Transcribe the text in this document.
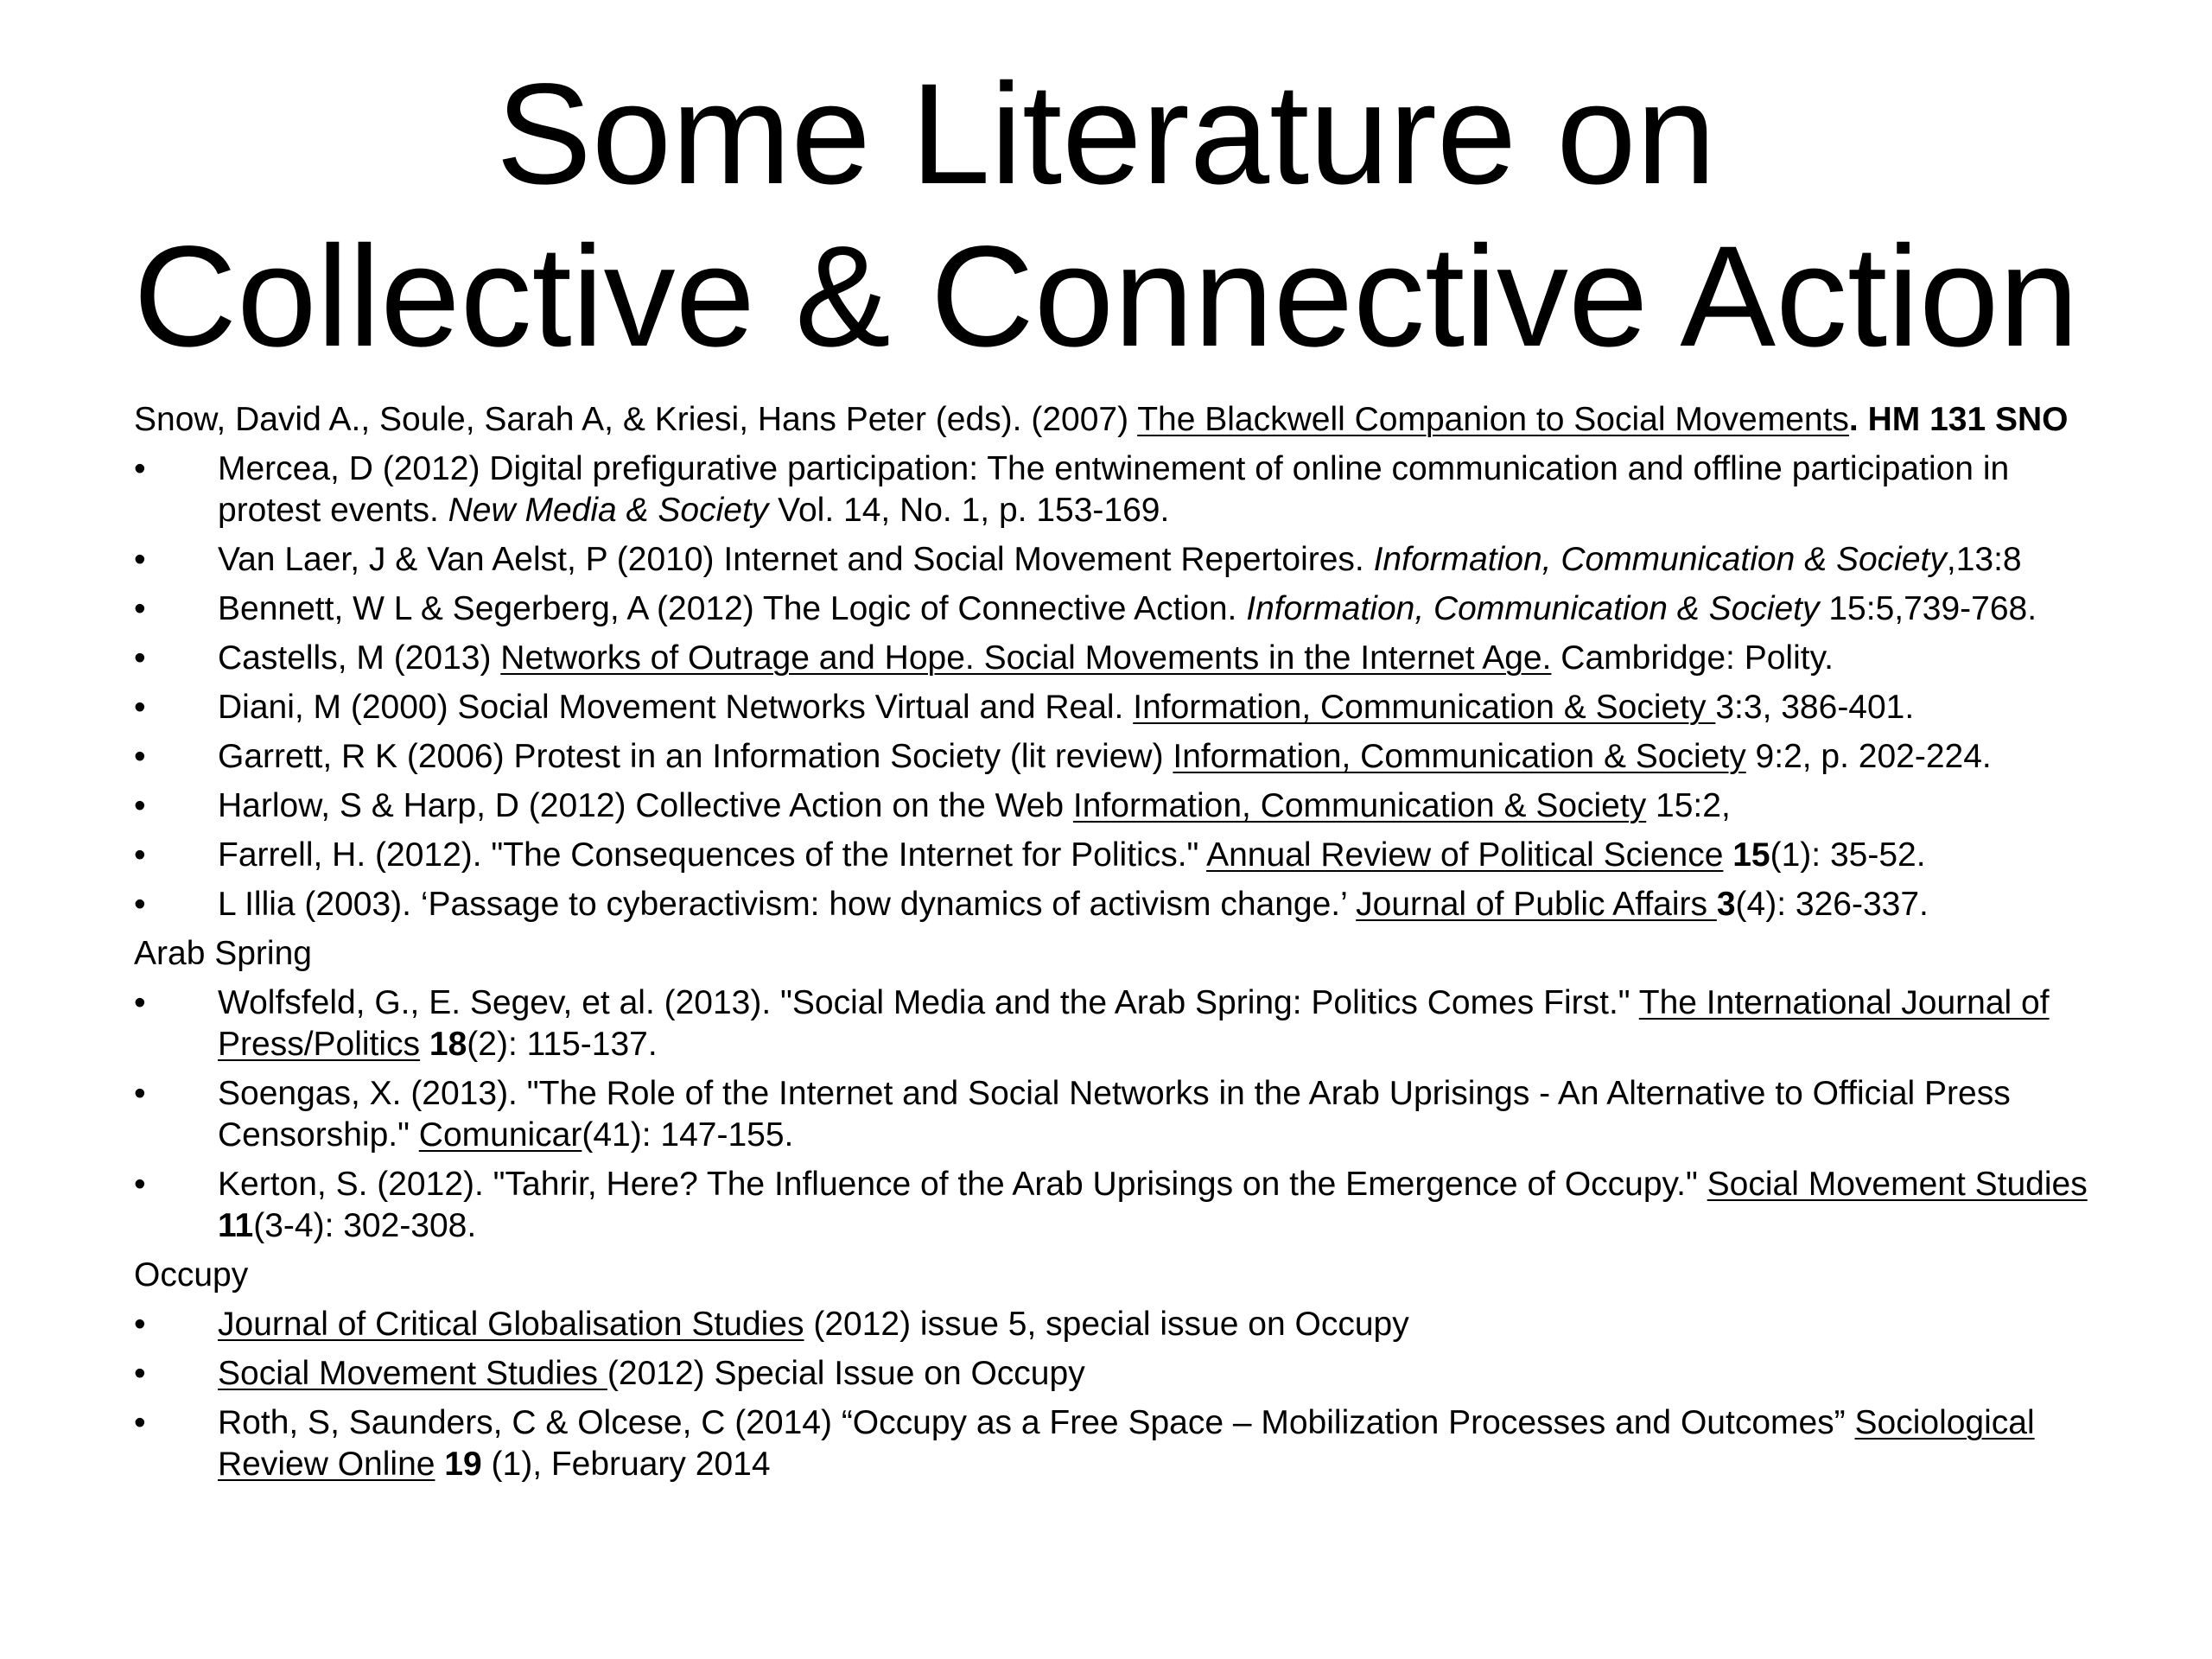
Some Literature on
Collective & Connective Action
Snow, David A., Soule, Sarah A, & Kriesi, Hans Peter (eds). (2007) The Blackwell Companion to Social Movements. HM 131 SNO
•	Mercea, D (2012) Digital prefigurative participation: The entwinement of online communication and offline participation in protest events. New Media & Society Vol. 14, No. 1, p. 153-169.
•	Van Laer, J & Van Aelst, P (2010) Internet and Social Movement Repertoires. Information, Communication & Society,13:8
•	Bennett, W L & Segerberg, A (2012) The Logic of Connective Action. Information, Communication & Society 15:5,739-768.
•	Castells, M (2013) Networks of Outrage and Hope. Social Movements in the Internet Age. Cambridge: Polity.
•	Diani, M (2000) Social Movement Networks Virtual and Real. Information, Communication & Society 3:3, 386-401.
•	Garrett, R K (2006) Protest in an Information Society (lit review) Information, Communication & Society 9:2, p. 202-224.
•	Harlow, S & Harp, D (2012) Collective Action on the Web Information, Communication & Society 15:2,
•	Farrell, H. (2012). "The Consequences of the Internet for Politics." Annual Review of Political Science 15(1): 35-52.
•	L Illia (2003). ‘Passage to cyberactivism: how dynamics of activism change.’ Journal of Public Affairs 3(4): 326-337.
Arab Spring
•	Wolfsfeld, G., E. Segev, et al. (2013). "Social Media and the Arab Spring: Politics Comes First." The International Journal of Press/Politics 18(2): 115-137.
•	Soengas, X. (2013). "The Role of the Internet and Social Networks in the Arab Uprisings - An Alternative to Official Press Censorship." Comunicar(41): 147-155.
•	Kerton, S. (2012). "Tahrir, Here? The Influence of the Arab Uprisings on the Emergence of Occupy." Social Movement Studies 11(3-4): 302-308.
Occupy
•	Journal of Critical Globalisation Studies (2012) issue 5, special issue on Occupy
•	Social Movement Studies (2012) Special Issue on Occupy
•	Roth, S, Saunders, C & Olcese, C (2014) “Occupy as a Free Space – Mobilization Processes and Outcomes” Sociological Review Online 19 (1), February 2014
